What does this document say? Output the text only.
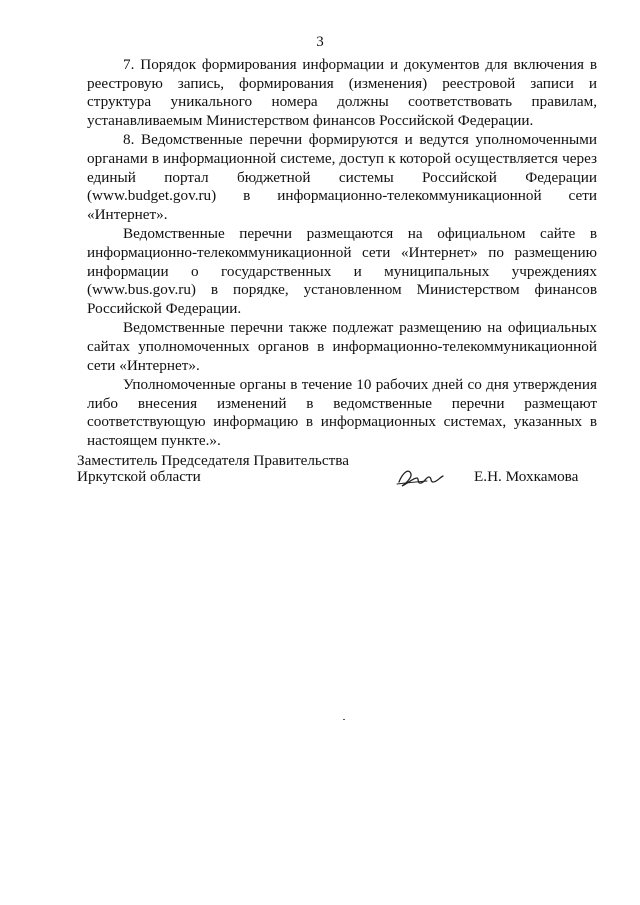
3

7. Порядок формирования информации и документов для включения в реестровую запись, формирования (изменения) реестровой записи и структура уникального номера должны соответствовать правилам, устанавливаемым Министерством финансов Российской Федерации.

8. Ведомственные перечни формируются и ведутся уполномоченными органами в информационной системе, доступ к которой осуществляется через единый портал бюджетной системы Российской Федерации (www.budget.gov.ru) в информационно-телекоммуникационной сети «Интернет».

Ведомственные перечни размещаются на официальном сайте в информационно-телекоммуникационной сети «Интернет» по размещению информации о государственных и муниципальных учреждениях (www.bus.gov.ru) в порядке, установленном Министерством финансов Российской Федерации.

Ведомственные перечни также подлежат размещению на официальных сайтах уполномоченных органов в информационно-телекоммуникационной сети «Интернет».

Уполномоченные органы в течение 10 рабочих дней со дня утверждения либо внесения изменений в ведомственные перечни размещают соответствующую информацию в информационных системах, указанных в настоящем пункте.».

Заместитель Председателя Правительства
Иркутской области	Е.Н. Мохкамова
